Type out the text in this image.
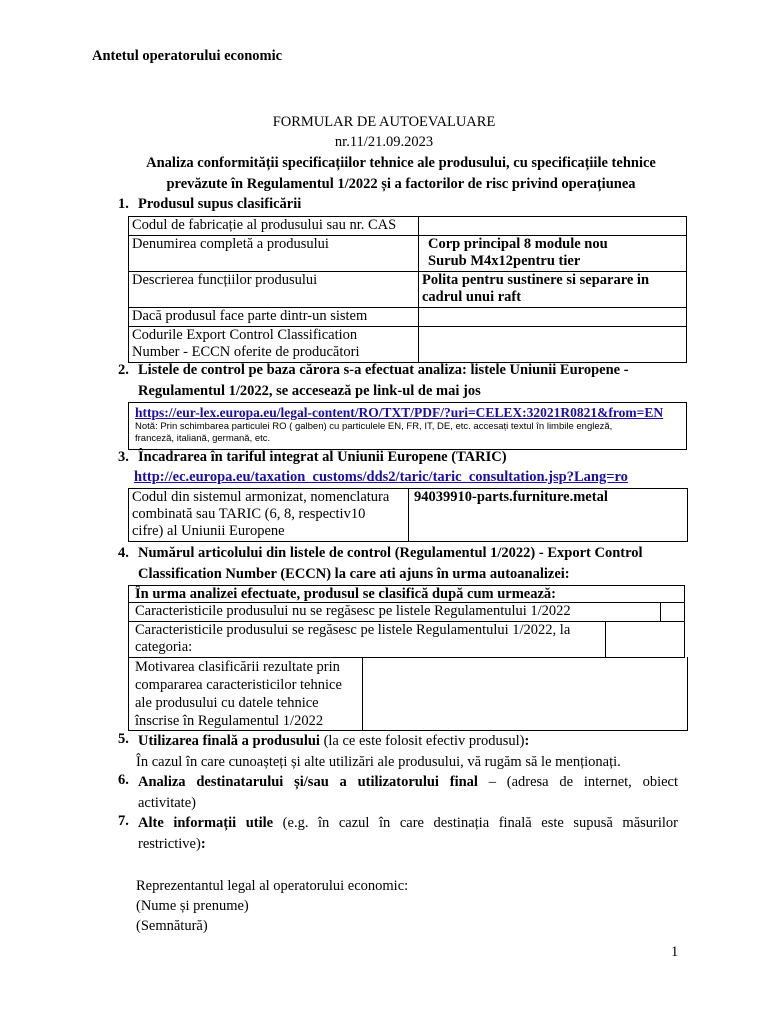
Antetul operatorului economic
FORMULAR DE AUTOEVALUARE
nr.11/21.09.2023
Analiza conformității specificațiilor tehnice ale produsului, cu specificațiile tehnice
prevăzute în Regulamentul 1/2022 și a factorilor de risc privind operațiunea
1. Produsul supus clasificării
Codul de fabricație al produsului sau nr. CAS	
Denumirea completă a produsului	Corp principal 8 module nou
Surub M4x12pentru tier

Descrierea funcțiilor produsului	Polita pentru sustinere si separare in
cadrul unui raft

Dacă produsul face parte dintr-un sistem	

Codurile Export Control Classification
Number - ECCN oferite de producători	

2. Listele de control pe baza cărora s-a efectuat analiza: listele Uniunii Europene -
Regulamentul 1/2022, se accesează pe link-ul de mai jos
https://eur-lex.europa.eu/legal-content/RO/TXT/PDF/?uri=CELEX:32021R0821&from=EN
Notă: Prin schimbarea particulei RO ( galben) cu particulele EN, FR, IT, DE, etc. accesați textul în limbile engleză,
franceză, italiană, germană, etc.
3. Încadrarea în tariful integrat al Uniunii Europene (TARIC)
http://ec.europa.eu/taxation_customs/dds2/taric/taric_consultation.jsp?Lang=ro
Codul din sistemul armonizat, nomenclatura
combinată sau TARIC (6, 8, respectiv10
cifre) al Uniunii Europene
	94039910-parts.furniture.metal
4. Numărul articolului din listele de control (Regulamentul 1/2022) - Export Control
Classification Number (ECCN) la care ati ajuns în urma autoanalizei:
În urma analizei efectuate, produsul se clasifică după cum urmează:
Caracteristicile produsului nu se regăsesc pe listele Regulamentului 1/2022
Caracteristicile produsului se regăsesc pe listele Regulamentului 1/2022, la
categoria:
Motivarea clasificării rezultate prin
compararea caracteristicilor tehnice
ale produsului cu datele tehnice
înscrise în Regulamentul 1/2022
5. Utilizarea finală a produsului (la ce este folosit efectiv produsul):
În cazul în care cunoașteți și alte utilizări ale produsului, vă rugăm să le menționați.
6. Analiza destinatarului și/sau a utilizatorului final – (adresa de internet, obiect
activitate)
7. Alte informații utile (e.g. în cazul în care destinația finală este supusă măsurilor
restrictive):
Reprezentantul legal al operatorului economic:
(Nume și prenume)
(Semnătură)
1
